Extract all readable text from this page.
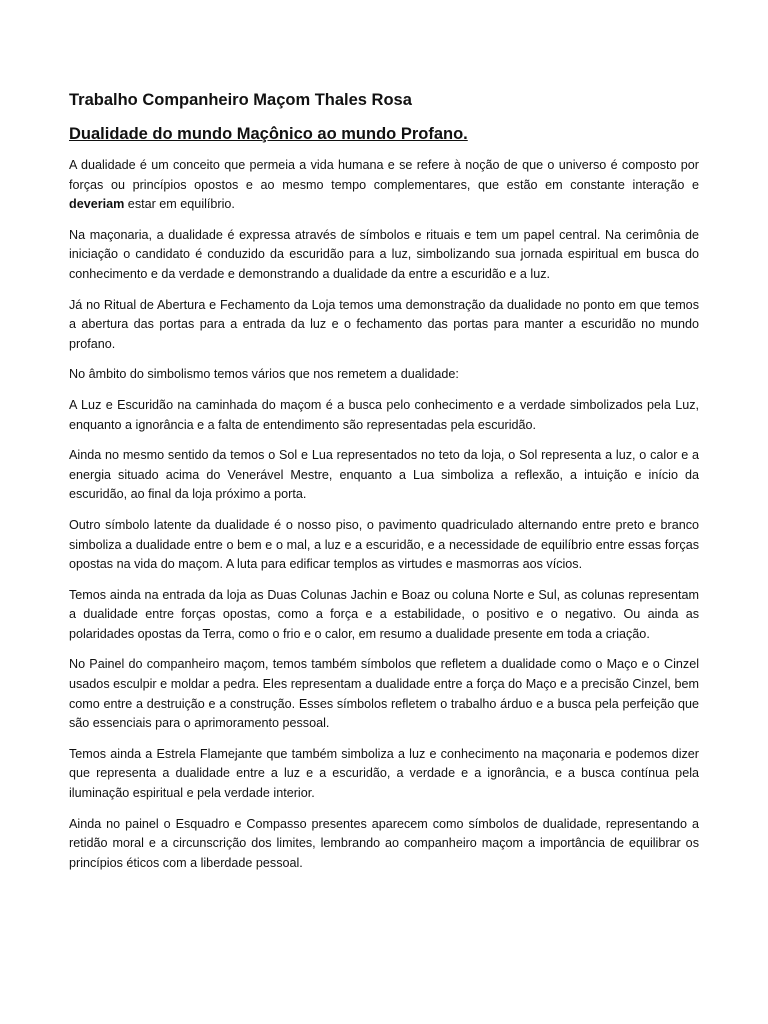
Trabalho Companheiro Maçom Thales Rosa
Dualidade do mundo Maçônico ao mundo Profano.

A dualidade é um conceito que permeia a vida humana e se refere à noção de que o universo é composto por forças ou princípios opostos e ao mesmo tempo complementares, que estão em constante interação e deveriam estar em equilíbrio.

Na maçonaria, a dualidade é expressa através de símbolos e rituais e tem um papel central. Na cerimônia de iniciação o candidato é conduzido da escuridão para a luz, simbolizando sua jornada espiritual em busca do conhecimento e da verdade e demonstrando a dualidade da entre a escuridão e a luz.

Já no Ritual de Abertura e Fechamento da Loja temos uma demonstração da dualidade no ponto em que temos a abertura das portas para a entrada da luz e o fechamento das portas para manter a escuridão no mundo profano.

No âmbito do simbolismo temos vários que nos remetem a dualidade:

A Luz e Escuridão na caminhada do maçom é a busca pelo conhecimento e a verdade simbolizados pela Luz, enquanto a ignorância e a falta de entendimento são representadas pela escuridão.

Ainda no mesmo sentido da temos o Sol e Lua representados no teto da loja, o Sol representa a luz, o calor e a energia situado acima do Venerável Mestre, enquanto a Lua simboliza a reflexão, a intuição e início da escuridão, ao final da loja próximo a porta.

Outro símbolo latente da dualidade é o nosso piso, o pavimento quadriculado alternando entre preto e branco simboliza a dualidade entre o bem e o mal, a luz e a escuridão, e a necessidade de equilíbrio entre essas forças opostas na vida do maçom. A luta para edificar templos as virtudes e masmorras aos vícios.

Temos ainda na entrada da loja as Duas Colunas Jachin e Boaz ou coluna Norte e Sul, as colunas representam a dualidade entre forças opostas, como a força e a estabilidade, o positivo e o negativo. Ou ainda as polaridades opostas da Terra, como o frio e o calor, em resumo a dualidade presente em toda a criação.

No Painel do companheiro maçom, temos também símbolos que refletem a dualidade como o Maço e o Cinzel usados esculpir e moldar a pedra. Eles representam a dualidade entre a força do Maço e a precisão Cinzel, bem como entre a destruição e a construção. Esses símbolos refletem o trabalho árduo e a busca pela perfeição que são essenciais para o aprimoramento pessoal.

Temos ainda a Estrela Flamejante que também simboliza a luz e conhecimento na maçonaria e podemos dizer que representa a dualidade entre a luz e a escuridão, a verdade e a ignorância, e a busca contínua pela iluminação espiritual e pela verdade interior.

Ainda no painel o Esquadro e Compasso presentes aparecem como símbolos de dualidade, representando a retidão moral e a circunscrição dos limites, lembrando ao companheiro maçom a importância de equilibrar os princípios éticos com a liberdade pessoal.
